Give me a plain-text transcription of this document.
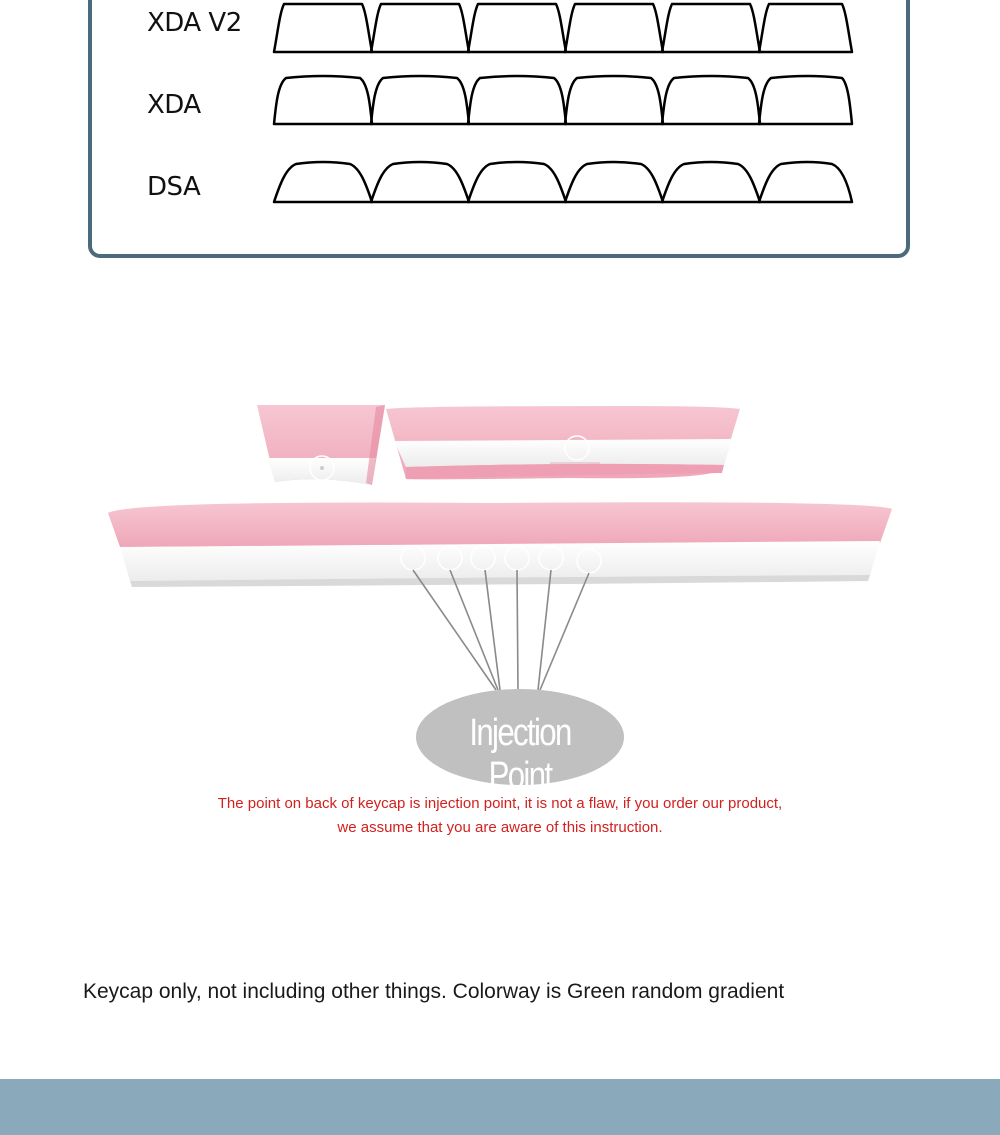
XDA V2
XDA
DSA
Injection Point
The point on back of keycap is injection point, it is not a flaw, if you order our product,
we assume that you are aware of this instruction.
Keycap only, not including other things. Colorway is Green random gradient
